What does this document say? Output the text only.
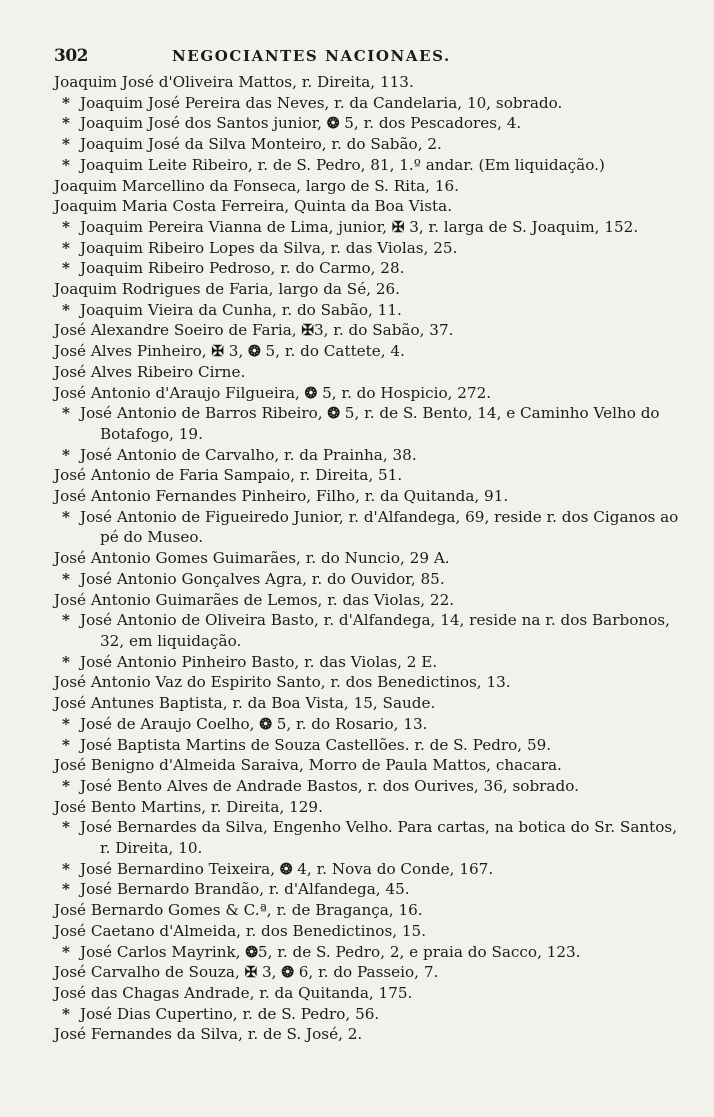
302	NEGOCIANTES NACIONAES.
Joaquim José d'Oliveira Mattos, r. Direita, 113.
* Joaquim José Pereira das Neves, r. da Candelaria, 10, sobrado.
* Joaquim José dos Santos junior, ❂ 5, r. dos Pescadores, 4.
* Joaquim José da Silva Monteiro, r. do Sabão, 2.
* Joaquim Leite Ribeiro, r. de S. Pedro, 81, 1.º andar. (Em liquidação.)
Joaquim Marcellino da Fonseca, largo de S. Rita, 16.
Joaquim Maria Costa Ferreira, Quinta da Boa Vista.
* Joaquim Pereira Vianna de Lima, junior, ✠ 3, r. larga de S. Joaquim, 152.
* Joaquim Ribeiro Lopes da Silva, r. das Violas, 25.
* Joaquim Ribeiro Pedroso, r. do Carmo, 28.
Joaquim Rodrigues de Faria, largo da Sé, 26.
* Joaquim Vieira da Cunha, r. do Sabão, 11.
José Alexandre Soeiro de Faria, ✠3, r. do Sabão, 37.
José Alves Pinheiro, ✠ 3, ❂ 5, r. do Cattete, 4.
José Alves Ribeiro Cirne.
José Antonio d'Araujo Filgueira, ❂ 5, r. do Hospicio, 272.
* José Antonio de Barros Ribeiro, ❂ 5, r. de S. Bento, 14, e Caminho Velho do Botafogo, 19.
* José Antonio de Carvalho, r. da Prainha, 38.
José Antonio de Faria Sampaio, r. Direita, 51.
José Antonio Fernandes Pinheiro, Filho, r. da Quitanda, 91.
* José Antonio de Figueiredo Junior, r. d'Alfandega, 69, reside r. dos Ciganos ao pé do Museo.
José Antonio Gomes Guimarães, r. do Nuncio, 29 A.
* José Antonio Gonçalves Agra, r. do Ouvidor, 85.
José Antonio Guimarães de Lemos, r. das Violas, 22.
* José Antonio de Oliveira Basto, r. d'Alfandega, 14, reside na r. dos Barbonos, 32, em liquidação.
* José Antonio Pinheiro Basto, r. das Violas, 2 E.
José Antonio Vaz do Espirito Santo, r. dos Benedictinos, 13.
José Antunes Baptista, r. da Boa Vista, 15, Saude.
* José de Araujo Coelho, ❂ 5, r. do Rosario, 13.
* José Baptista Martins de Souza Castellões. r. de S. Pedro, 59.
José Benigno d'Almeida Saraiva, Morro de Paula Mattos, chacara.
* José Bento Alves de Andrade Bastos, r. dos Ourives, 36, sobrado.
José Bento Martins, r. Direita, 129.
* José Bernardes da Silva, Engenho Velho. Para cartas, na botica do Sr. Santos, r. Direita, 10.
* José Bernardino Teixeira, ❂ 4, r. Nova do Conde, 167.
* José Bernardo Brandão, r. d'Alfandega, 45.
José Bernardo Gomes & C.ª, r. de Bragança, 16.
José Caetano d'Almeida, r. dos Benedictinos, 15.
* José Carlos Mayrink, ❂5, r. de S. Pedro, 2, e praia do Sacco, 123.
José Carvalho de Souza, ✠ 3, ❂ 6, r. do Passeio, 7.
José das Chagas Andrade, r. da Quitanda, 175.
* José Dias Cupertino, r. de S. Pedro, 56.
José Fernandes da Silva, r. de S. José, 2.
